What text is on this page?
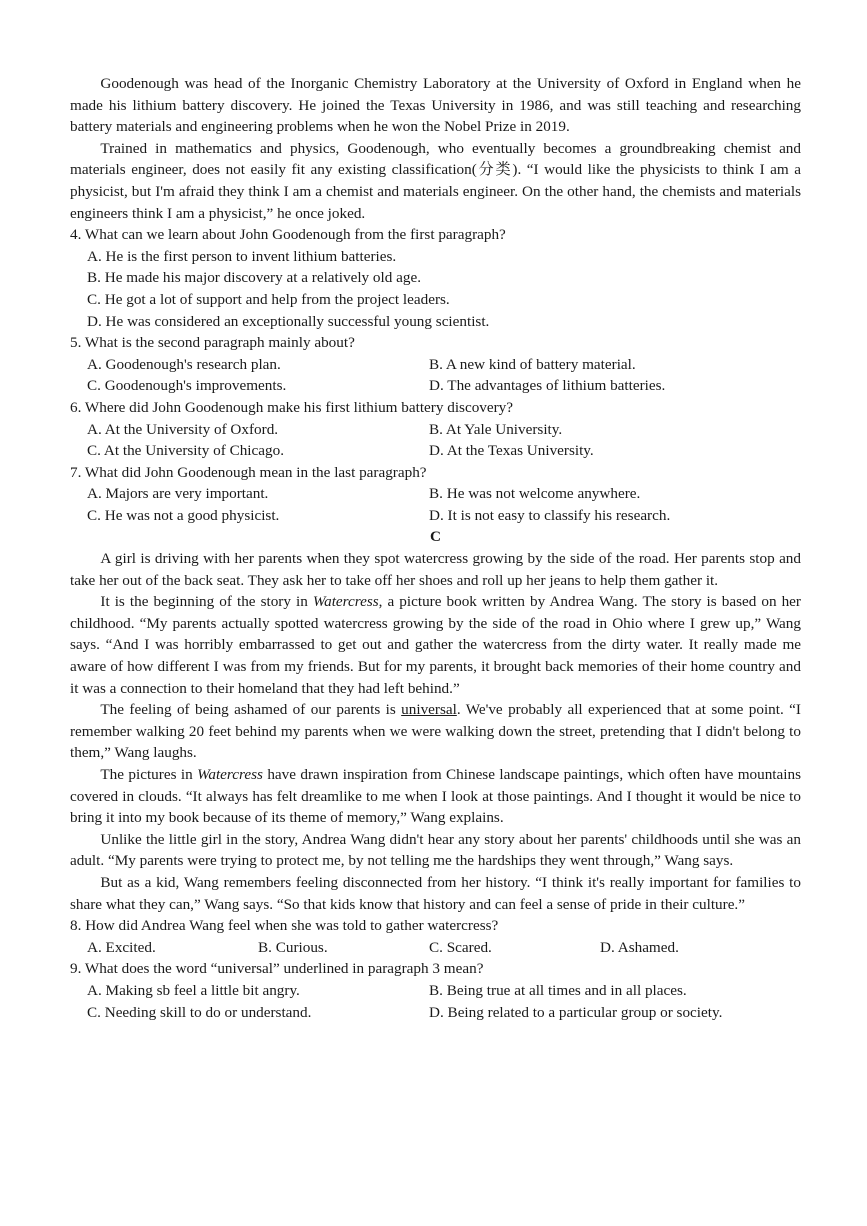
Goodenough was head of the Inorganic Chemistry Laboratory at the University of Oxford in England when he made his lithium battery discovery. He joined the Texas University in 1986, and was still teaching and researching battery materials and engineering problems when he won the Nobel Prize in 2019.

Trained in mathematics and physics, Goodenough, who eventually becomes a groundbreaking chemist and materials engineer, does not easily fit any existing classification(分类). “I would like the physicists to think I am a physicist, but I'm afraid they think I am a chemist and materials engineer. On the other hand, the chemists and materials engineers think I am a physicist,” he once joked.

4. What can we learn about John Goodenough from the first paragraph?

A. He is the first person to invent lithium batteries.

B. He made his major discovery at a relatively old age.

C. He got a lot of support and help from the project leaders.

D. He was considered an exceptionally successful young scientist.

5. What is the second paragraph mainly about?

A. Goodenough's research plan.	B. A new kind of battery material.
C. Goodenough's improvements.	D. The advantages of lithium batteries.

6. Where did John Goodenough make his first lithium battery discovery?

A. At the University of Oxford.	B. At Yale University.
C. At the University of Chicago.	D. At the Texas University.

7. What did John Goodenough mean in the last paragraph?

A. Majors are very important.	B. He was not welcome anywhere.
C. He was not a good physicist.	D. It is not easy to classify his research.

C

A girl is driving with her parents when they spot watercress growing by the side of the road. Her parents stop and take her out of the back seat. They ask her to take off her shoes and roll up her jeans to help them gather it.

It is the beginning of the story in Watercress, a picture book written by Andrea Wang. The story is based on her childhood. “My parents actually spotted watercress growing by the side of the road in Ohio where I grew up,” Wang says. “And I was horribly embarrassed to get out and gather the watercress from the dirty water. It really made me aware of how different I was from my friends. But for my parents, it brought back memories of their home country and it was a connection to their homeland that they had left behind.”

The feeling of being ashamed of our parents is universal. We've probably all experienced that at some point. “I remember walking 20 feet behind my parents when we were walking down the street, pretending that I didn't belong to them,” Wang laughs.

The pictures in Watercress have drawn inspiration from Chinese landscape paintings, which often have mountains covered in clouds. “It always has felt dreamlike to me when I look at those paintings. And I thought it would be nice to bring it into my book because of its theme of memory,” Wang explains.

Unlike the little girl in the story, Andrea Wang didn't hear any story about her parents' childhoods until she was an adult. “My parents were trying to protect me, by not telling me the hardships they went through,” Wang says.

But as a kid, Wang remembers feeling disconnected from her history. “I think it's really important for families to share what they can,” Wang says. “So that kids know that history and can feel a sense of pride in their culture.”

8. How did Andrea Wang feel when she was told to gather watercress?

A. Excited.	B. Curious.	C. Scared.	D. Ashamed.

9. What does the word “universal” underlined in paragraph 3 mean?

A. Making sb feel a little bit angry.	B. Being true at all times and in all places.
C. Needing skill to do or understand.	D. Being related to a particular group or society.
